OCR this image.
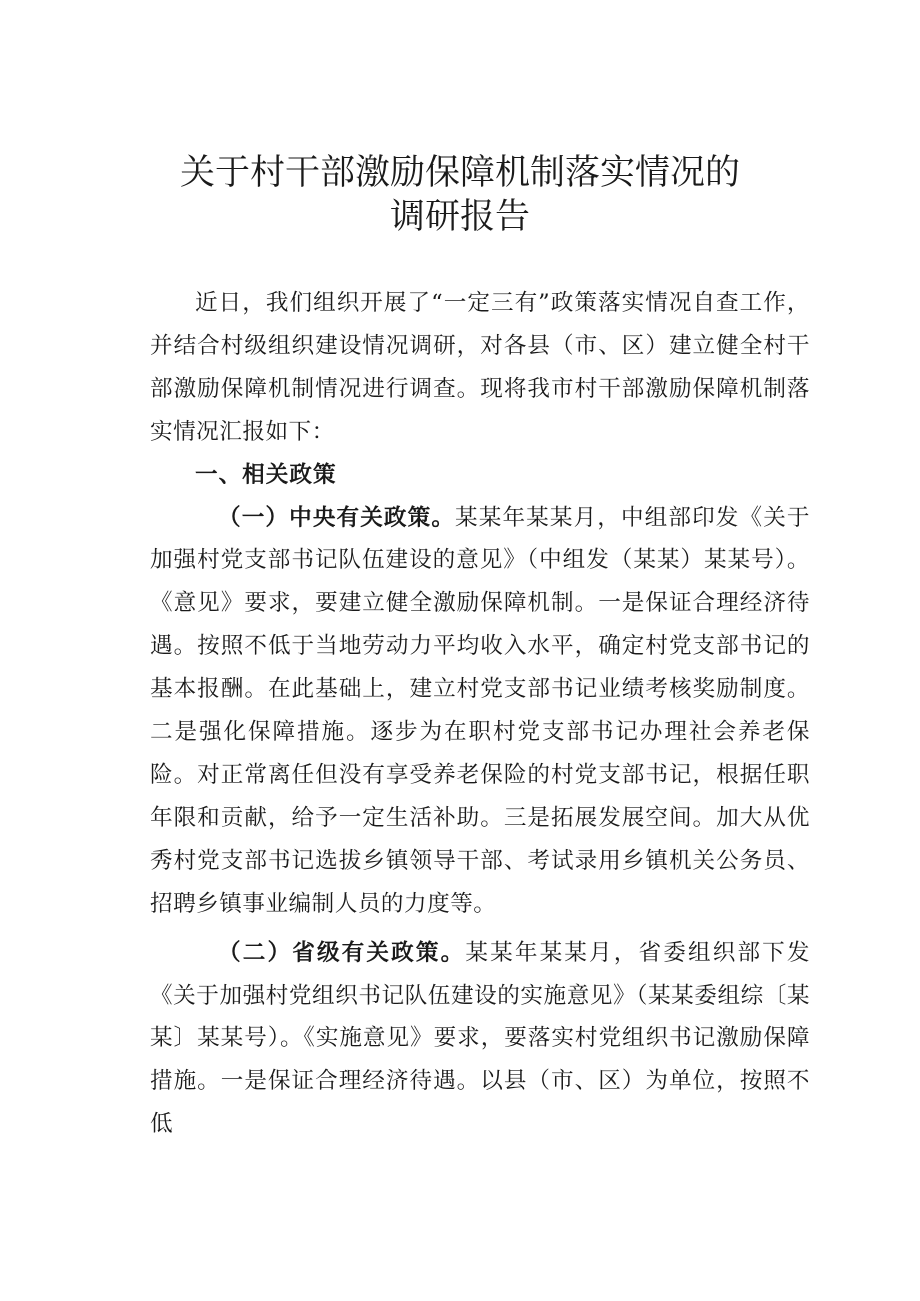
关于村干部激励保障机制落实情况的
调研报告

近日，我们组织开展了“一定三有”政策落实情况自查工作，并结合村级组织建设情况调研，对各县（市、区）建立健全村干部激励保障机制情况进行调查。现将我市村干部激励保障机制落实情况汇报如下：

一、相关政策

（一）中央有关政策。某某年某某月，中组部印发《关于加强村党支部书记队伍建设的意见》（中组发（某某）某某号）。《意见》要求，要建立健全激励保障机制。一是保证合理经济待遇。按照不低于当地劳动力平均收入水平，确定村党支部书记的基本报酬。在此基础上，建立村党支部书记业绩考核奖励制度。二是强化保障措施。逐步为在职村党支部书记办理社会养老保险。对正常离任但没有享受养老保险的村党支部书记，根据任职年限和贡献，给予一定生活补助。三是拓展发展空间。加大从优秀村党支部书记选拔乡镇领导干部、考试录用乡镇机关公务员、招聘乡镇事业编制人员的力度等。

（二）省级有关政策。某某年某某月，省委组织部下发《关于加强村党组织书记队伍建设的实施意见》（某某委组综〔某某〕某某号）。《实施意见》要求，要落实村党组织书记激励保障措施。一是保证合理经济待遇。以县（市、区）为单位，按照不低
